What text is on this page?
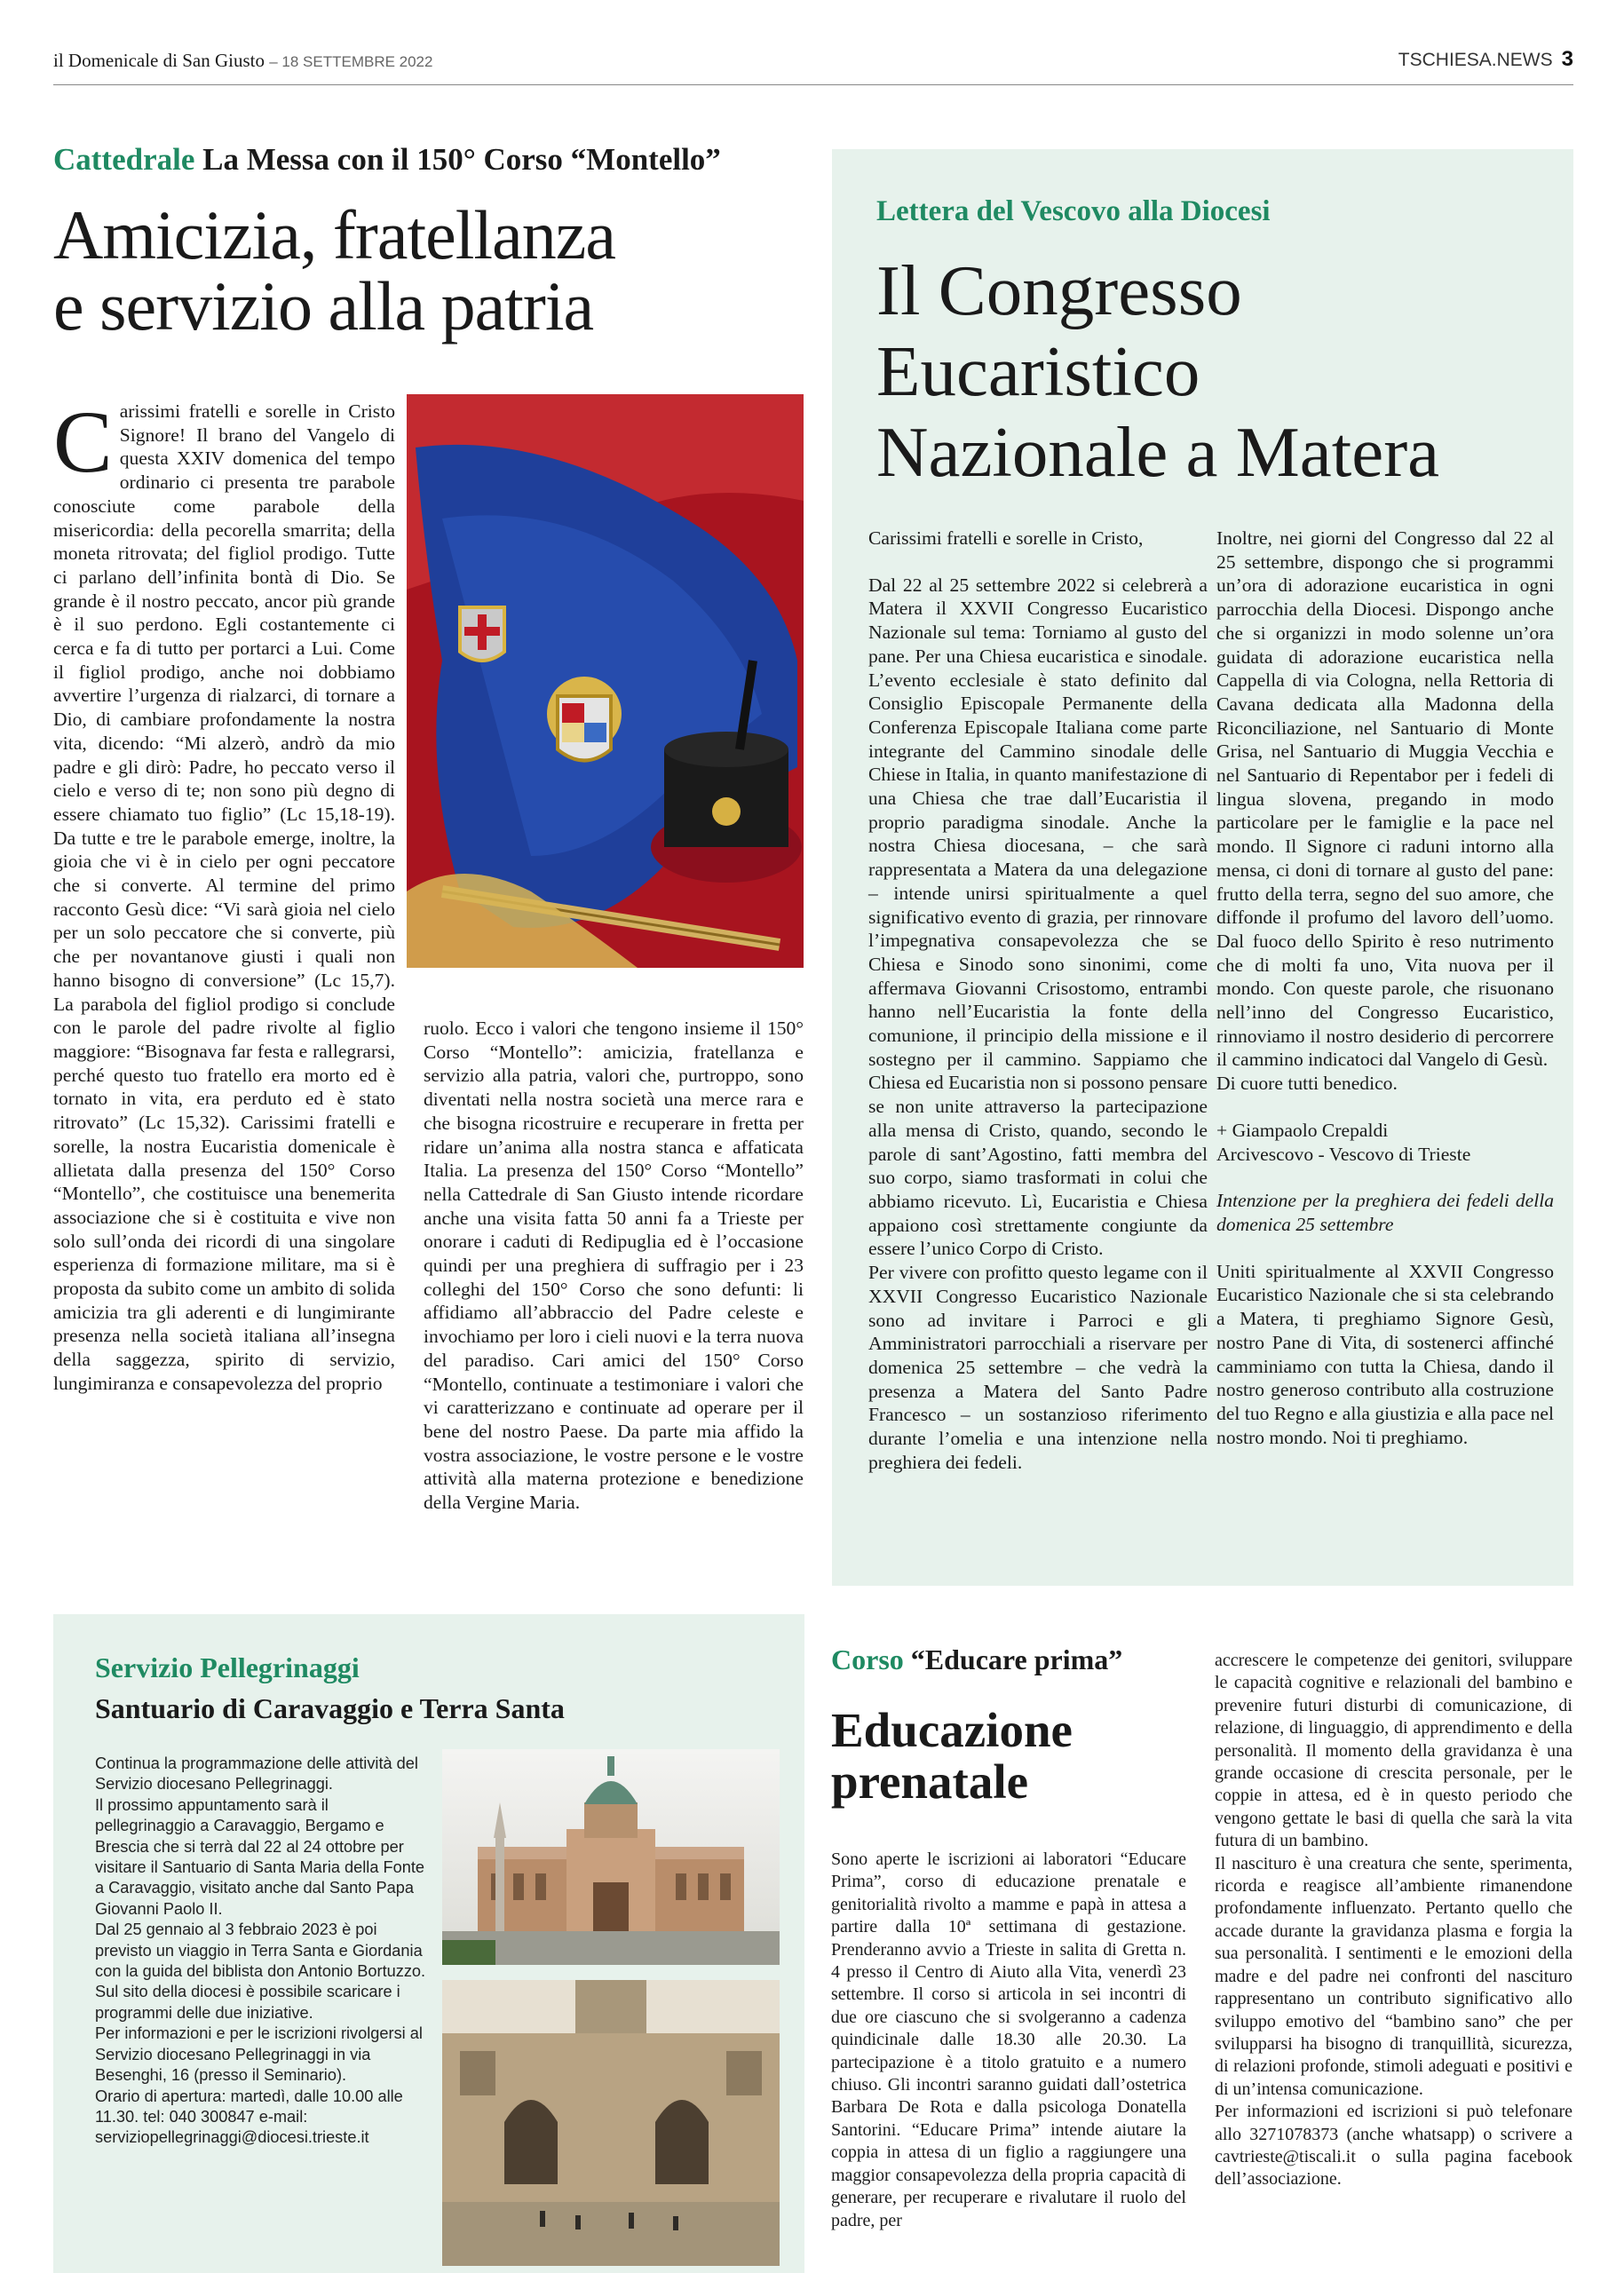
il Domenicale di San Giusto – 18 SETTEMBRE 2022	TSCHIESA.NEWS 3
Cattedrale La Messa con il 150° Corso “Montello”
Amicizia, fratellanza
e servizio alla patria
Carissimi fratelli e sorelle in Cristo Signore! Il brano del Vangelo di questa XXIV domenica del tempo ordinario ci presenta tre parabole conosciute come parabole della misericordia: della pecorella smarrita; della moneta ritrovata; del figliol prodigo. Tutte ci parlano dell’infinita bontà di Dio. Se grande è il nostro peccato, ancor più grande è il suo perdono. Egli costantemente ci cerca e fa di tutto per portarci a Lui. Come il figliol prodigo, anche noi dobbiamo avvertire l’urgenza di rialzarci, di tornare a Dio, di cambiare profondamente la nostra vita, dicendo: “Mi alzerò, andrò da mio padre e gli dirò: Padre, ho peccato verso il cielo e verso di te; non sono più degno di essere chiamato tuo figlio” (Lc 15,18-19). Da tutte e tre le parabole emerge, inoltre, la gioia che vi è in cielo per ogni peccatore che si converte. Al termine del primo racconto Gesù dice: “Vi sarà gioia nel cielo per un solo peccatore che si converte, più che per novantanove giusti i quali non hanno bisogno di conversione” (Lc 15,7). La parabola del figliol prodigo si conclude con le parole del padre rivolte al figlio maggiore: “Bisognava far festa e rallegrarsi, perché questo tuo fratello era morto ed è tornato in vita, era perduto ed è stato ritrovato” (Lc 15,32). Carissimi fratelli e sorelle, la nostra Eucaristia domenicale è allietata dalla presenza del 150° Corso “Montello”, che costituisce una benemerita associazione che si è costituita e vive non solo sull’onda dei ricordi di una singolare esperienza di formazione militare, ma si è proposta da subito come un ambito di solida amicizia tra gli aderenti e di lungimirante presenza nella società italiana all’insegna della saggezza, spirito di servizio, lungimiranza e consapevolezza del proprio
ruolo. Ecco i valori che tengono insieme il 150° Corso “Montello”: amicizia, fratellanza e servizio alla patria, valori che, purtroppo, sono diventati nella nostra società una merce rara e che bisogna ricostruire e recuperare in fretta per ridare un’anima alla nostra stanca e affaticata Italia. La presenza del 150° Corso “Montello” nella Cattedrale di San Giusto intende ricordare anche una visita fatta 50 anni fa a Trieste per onorare i caduti di Redipuglia ed è l’occasione quindi per una preghiera di suffragio per i 23 colleghi del 150° Corso che sono defunti: li affidiamo all’abbraccio del Padre celeste e invochiamo per loro i cieli nuovi e la terra nuova del paradiso. Cari amici del 150° Corso “Montello, continuate a testimoniare i valori che vi caratterizzano e continuate ad operare per il bene del nostro Paese. Da parte mia affido la vostra associazione, le vostre persone e le vostre attività alla materna protezione e benedizione della Vergine Maria.
Lettera del Vescovo alla Diocesi
Il Congresso
Eucaristico
Nazionale a Matera

Carissimi fratelli e sorelle in Cristo,

Dal 22 al 25 settembre 2022 si celebrerà a Matera il XXVII Congresso Eucaristico Nazionale sul tema: Torniamo al gusto del pane. Per una Chiesa eucaristica e sinodale. L’evento ecclesiale è stato definito dal Consiglio Episcopale Permanente della Conferenza Episcopale Italiana come parte integrante del Cammino sinodale delle Chiese in Italia, in quanto manifestazione di una Chiesa che trae dall’Eucaristia il proprio paradigma sinodale. Anche la nostra Chiesa diocesana, – che sarà rappresentata a Matera da una delegazione – intende unirsi spiritualmente a quel significativo evento di grazia, per rinnovare l’impegnativa consapevolezza che se Chiesa e Sinodo sono sinonimi, come affermava Giovanni Crisostomo, entrambi hanno nell’Eucaristia la fonte della comunione, il principio della missione e il sostegno per il cammino. Sappiamo che Chiesa ed Eucaristia non si possono pensare se non unite attraverso la partecipazione alla mensa di Cristo, quando, secondo le parole di sant’Agostino, fatti membra del suo corpo, siamo trasformati in colui che abbiamo ricevuto. Lì, Eucaristia e Chiesa appaiono così strettamente congiunte da essere l’unico Corpo di Cristo.

Per vivere con profitto questo legame con il XXVII Congresso Eucaristico Nazionale sono ad invitare i Parroci e gli Amministratori parrocchiali a riservare per domenica 25 settembre – che vedrà la presenza a Matera del Santo Padre Francesco – un sostanzioso riferimento durante l’omelia e una intenzione nella preghiera dei fedeli.

Inoltre, nei giorni del Congresso dal 22 al 25 settembre, dispongo che si programmi un’ora di adorazione eucaristica in ogni parrocchia della Diocesi. Dispongo anche che si organizzi in modo solenne un’ora guidata di adorazione eucaristica nella Cappella di via Cologna, nella Rettoria di Cavana dedicata alla Madonna della Riconciliazione, nel Santuario di Monte Grisa, nel Santuario di Muggia Vecchia e nel Santuario di Repentabor per i fedeli di lingua slovena, pregando in modo particolare per le famiglie e la pace nel mondo. Il Signore ci raduni intorno alla mensa, ci doni di tornare al gusto del pane: frutto della terra, segno del suo amore, che diffonde il profumo del lavoro dell’uomo. Dal fuoco dello Spirito è reso nutrimento che di molti fa uno, Vita nuova per il mondo. Con queste parole, che risuonano nell’inno del Congresso Eucaristico, rinnoviamo il nostro desiderio di percorrere il cammino indicatoci dal Vangelo di Gesù.

Di cuore tutti benedico.

+ Giampaolo Crepaldi

Arcivescovo - Vescovo di Trieste

Intenzione per la preghiera dei fedeli della domenica 25 settembre

Uniti spiritualmente al XXVII Congresso Eucaristico Nazionale che si sta celebrando a Matera, ti preghiamo Signore Gesù, nostro Pane di Vita, di sostenerci affinché camminiamo con tutta la Chiesa, dando il nostro generoso contributo alla costruzione del tuo Regno e alla giustizia e alla pace nel nostro mondo. Noi ti preghiamo.

Servizio Pellegrinaggi
Santuario di Caravaggio e Terra Santa

Continua la programmazione delle attività del Servizio diocesano Pellegrinaggi.

Il prossimo appuntamento sarà il pellegrinaggio a Caravaggio, Bergamo e Brescia che si terrà dal 22 al 24 ottobre per visitare il Santuario di Santa Maria della Fonte a Caravaggio, visitato anche dal Santo Papa Giovanni Paolo II.

Dal 25 gennaio al 3 febbraio 2023 è poi previsto un viaggio in Terra Santa e Giordania con la guida del biblista don Antonio Bortuzzo.

Sul sito della diocesi è possibile scaricare i programmi delle due iniziative.

Per informazioni e per le iscrizioni rivolgersi al Servizio diocesano Pellegrinaggi in via Besenghi, 16 (presso il Seminario).

Orario di apertura: martedì, dalle 10.00 alle 11.30. tel: 040 300847 e-mail: serviziopellegrinaggi@diocesi.trieste.it

Corso “Educare prima”
Educazione
prenatale
Sono aperte le iscrizioni ai laboratori “Educare Prima”, corso di educazione prenatale e genitorialità rivolto a mamme e papà in attesa a partire dalla 10ª settimana di gestazione. Prenderanno avvio a Trieste in salita di Gretta n. 4 presso il Centro di Aiuto alla Vita, venerdì 23 settembre. Il corso si articola in sei incontri di due ore ciascuno che si svolgeranno a cadenza quindicinale dalle 18.30 alle 20.30. La partecipazione è a titolo gratuito e a numero chiuso. Gli incontri saranno guidati dall’ostetrica Barbara De Rota e dalla psicologa Donatella Santorini. “Educare Prima” intende aiutare la coppia in attesa di un figlio a raggiungere una maggior consapevolezza della propria capacità di generare, per recuperare e rivalutare il ruolo del padre, per

accrescere le competenze dei genitori, sviluppare le capacità cognitive e relazionali del bambino e prevenire futuri disturbi di comunicazione, di relazione, di linguaggio, di apprendimento e della personalità. Il momento della gravidanza è una grande occasione di crescita personale, per le coppie in attesa, ed è in questo periodo che vengono gettate le basi di quella che sarà la vita futura di un bambino.

Il nascituro è una creatura che sente, sperimenta, ricorda e reagisce all’ambiente rimanendone profondamente influenzato. Pertanto quello che accade durante la gravidanza plasma e forgia la sua personalità. I sentimenti e le emozioni della madre e del padre nei confronti del nascituro rappresentano un contributo significativo allo sviluppo emotivo del “bambino sano” che per svilupparsi ha bisogno di tranquillità, sicurezza, di relazioni profonde, stimoli adeguati e positivi e di un’intensa comunicazione.

Per informazioni ed iscrizioni si può telefonare allo 3271078373 (anche whatsapp) o scrivere a cavtrieste@tiscali.it o sulla pagina facebook dell’associazione.
